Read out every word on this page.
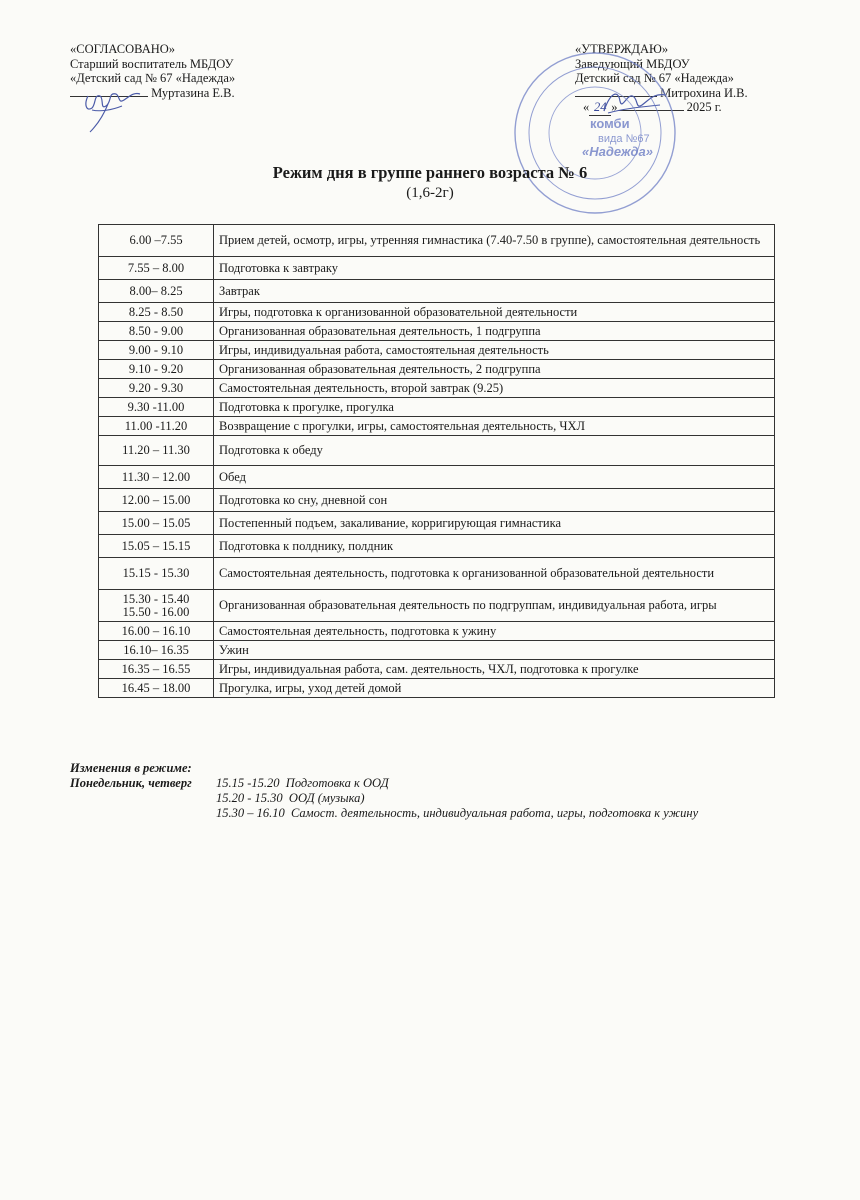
«СОГЛАСОВАНО»
Старший воспитатель МБДОУ
«Детский сад № 67 «Надежда»
Муртазина Е.В.
«УТВЕРЖДАЮ»
Заведующий МБДОУ
Детский сад № 67 «Надежда»
Митрохина И.В.
« 24 »	2025 г.
комби
вида №67
«Надежда»
Режим дня в группе раннего возраста № 6
(1,6-2г)
6.00 –7.55	Прием детей, осмотр, игры, утренняя гимнастика (7.40-7.50 в группе), самостоятельная деятельность
7.55 – 8.00	Подготовка к завтраку
8.00– 8.25	Завтрак
8.25 - 8.50	Игры, подготовка к организованной образовательной деятельности
8.50 - 9.00	Организованная образовательная деятельность, 1 подгруппа
9.00 - 9.10	Игры, индивидуальная работа, самостоятельная деятельность
9.10 - 9.20	Организованная образовательная деятельность, 2 подгруппа
9.20 - 9.30	Самостоятельная деятельность, второй завтрак (9.25)
9.30 -11.00	Подготовка к прогулке, прогулка
11.00 -11.20	Возвращение с прогулки, игры, самостоятельная деятельность, ЧХЛ
11.20 – 11.30	Подготовка к обеду
11.30 – 12.00	Обед
12.00 – 15.00	Подготовка ко сну, дневной сон
15.00 – 15.05	Постепенный подъем, закаливание, корригирующая гимнастика
15.05 – 15.15	Подготовка к полднику, полдник
15.15 - 15.30	Самостоятельная деятельность, подготовка к организованной образовательной деятельности

15.30 - 15.40
15.50 - 16.00	Организованная образовательная деятельность по подгруппам, индивидуальная работа, игры
16.00 – 16.10	Самостоятельная деятельность, подготовка к ужину
16.10– 16.35	Ужин
16.35 – 16.55	Игры, индивидуальная работа, сам. деятельность, ЧХЛ, подготовка к прогулке
16.45 – 18.00	Прогулка, игры, уход детей домой
Изменения в режиме:
Понедельник, четверг 15.15 -15.20 Подготовка к ООД
15.20 - 15.30 ООД (музыка)
15.30 – 16.10 Самост. деятельность, индивидуальная работа, игры, подготовка к ужину
